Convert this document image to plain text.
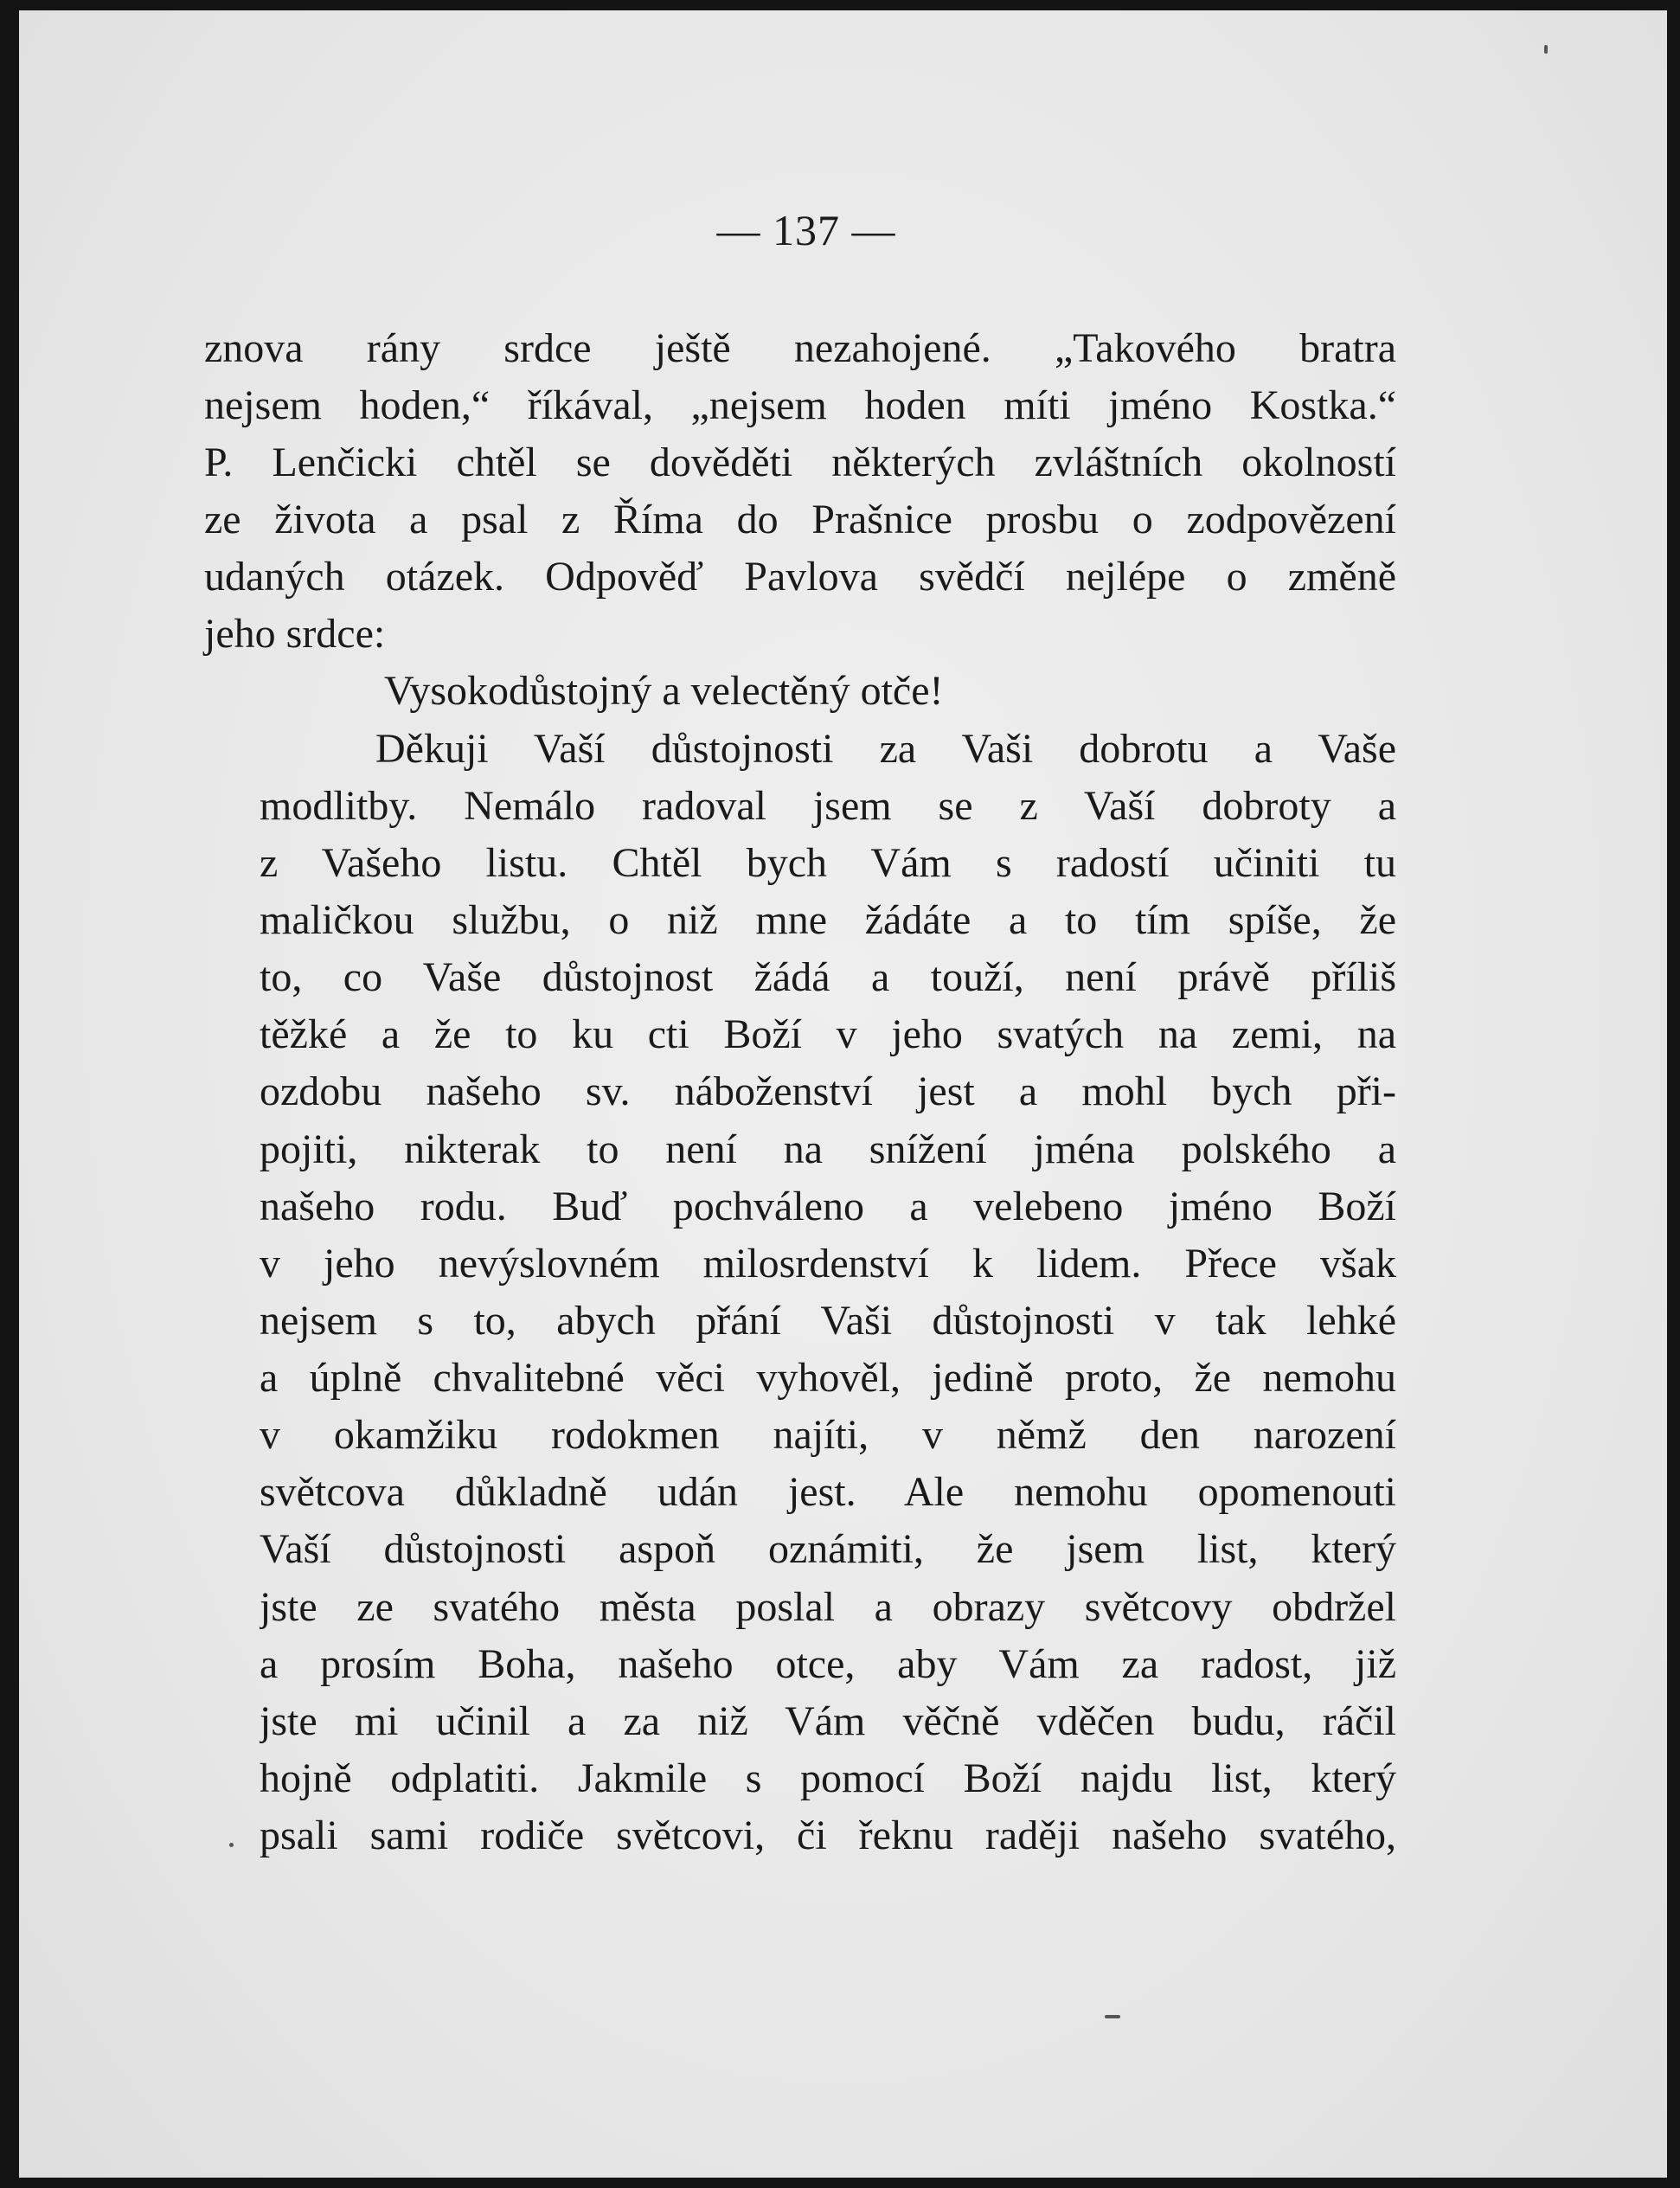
— 137 —
znova rány srdce ještě nezahojené. „Takového bratra
nejsem hoden,“ říkával, „nejsem hoden míti jméno Kostka.“
P. Lenčicki chtěl se dověděti některých zvláštních okolností
ze života a psal z Říma do Prašnice prosbu o zodpovězení
udaných otázek. Odpověď Pavlova svědčí nejlépe o změně
jeho srdce:
Vysokodůstojný a velectěný otče!
Děkuji Vaší důstojnosti za Vaši dobrotu a Vaše
modlitby. Nemálo radoval jsem se z Vaší dobroty a
z Vašeho listu. Chtěl bych Vám s radostí učiniti tu
maličkou službu, o niž mne žádáte a to tím spíše, že
to, co Vaše důstojnost žádá a touží, není právě příliš
těžké a že to ku cti Boží v jeho svatých na zemi, na
ozdobu našeho sv. náboženství jest a mohl bych při-
pojiti, nikterak to není na snížení jména polského a
našeho rodu. Buď pochváleno a velebeno jméno Boží
v jeho nevýslovném milosrdenství k lidem. Přece však
nejsem s to, abych přání Vaši důstojnosti v tak lehké
a úplně chvalitebné věci vyhověl, jedině proto, že nemohu
v okamžiku rodokmen najíti, v němž den narození
světcova důkladně udán jest. Ale nemohu opomenouti
Vaší důstojnosti aspoň oznámiti, že jsem list, který
jste ze svatého města poslal a obrazy světcovy obdržel
a prosím Boha, našeho otce, aby Vám za radost, již
jste mi učinil a za niž Vám věčně vděčen budu, ráčil
hojně odplatiti. Jakmile s pomocí Boží najdu list, který
psali sami rodiče světcovi, či řeknu raději našeho svatého,
